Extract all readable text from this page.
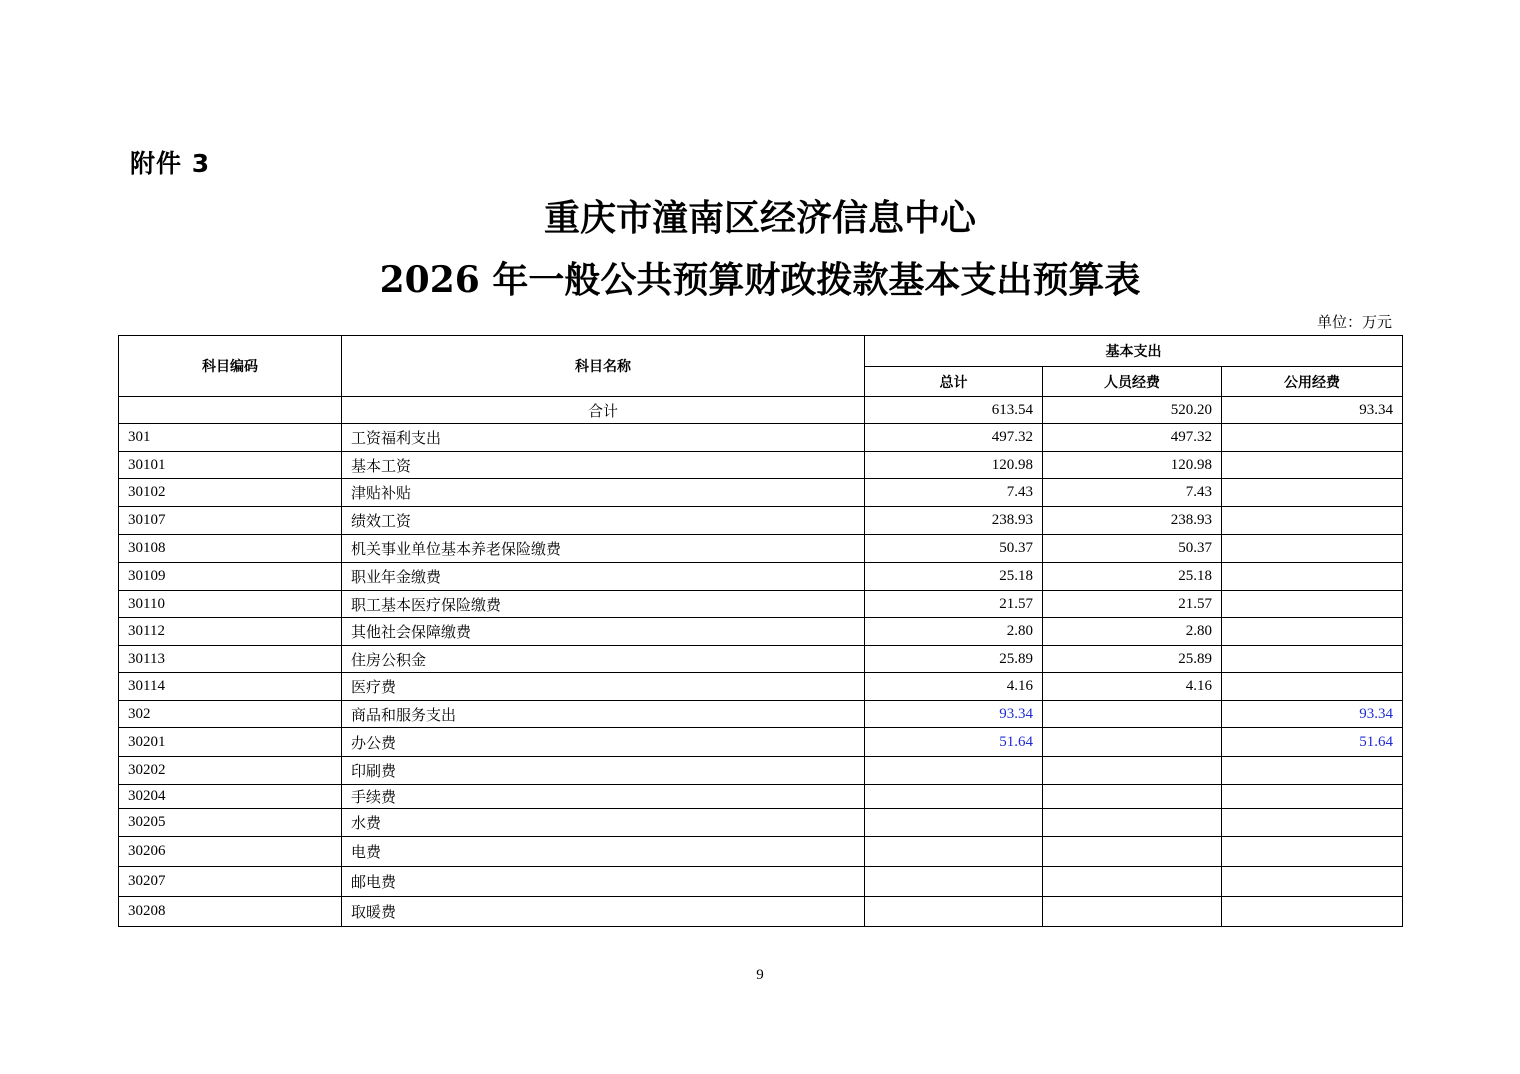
附件 3
重庆市潼南区经济信息中心
2026 年一般公共预算财政拨款基本支出预算表
单位：万元
科目编码	科目名称	基本支出		
		总计	人员经费	公用经费
	合计	613.54	520.20	93.34
301	工资福利支出	497.32	497.32	
30101	基本工资	120.98	120.98	
30102	津贴补贴	7.43	7.43	
30107	绩效工资	238.93	238.93	
30108	机关事业单位基本养老保险缴费	50.37	50.37	
30109	职业年金缴费	25.18	25.18	
30110	职工基本医疗保险缴费	21.57	21.57	
30112	其他社会保障缴费	2.80	2.80	
30113	住房公积金	25.89	25.89	
30114	医疗费	4.16	4.16	
302	商品和服务支出	93.34		93.34
30201	办公费	51.64		51.64
30202	印刷费			
30204	手续费			
30205	水费			
30206	电费			
30207	邮电费			
30208	取暖费			
9
